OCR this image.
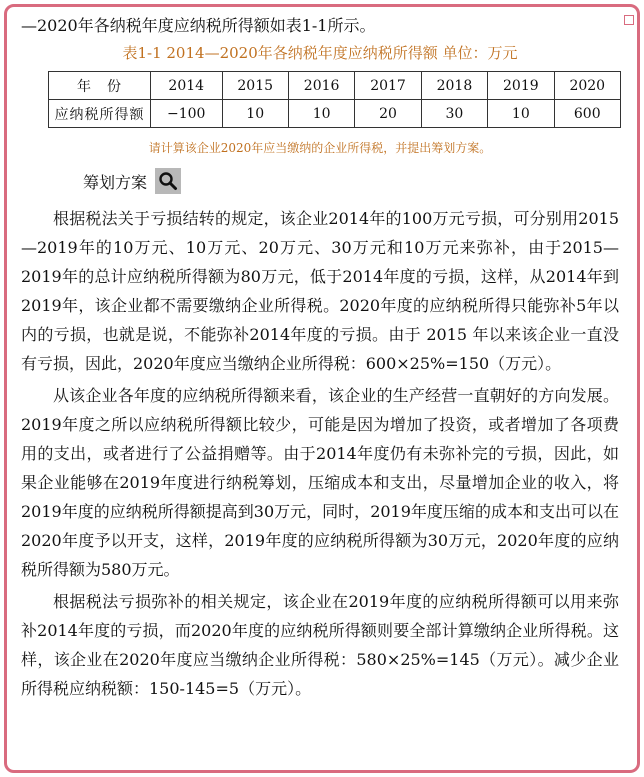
—2020年各纳税年度应纳税所得额如表1-1所示。

表1-1 2014—2020年各纳税年度应纳税所得额 单位：万元
年　份	2014	2015	2016	2017	2018	2019	2020
应纳税所得额	−100	10	10	20	30	10	600
请计算该企业2020年应当缴纳的企业所得税，并提出筹划方案。
筹划方案

根据税法关于亏损结转的规定，该企业2014年的100万元亏损，可分别用2015—2019年的10万元、10万元、20万元、30万元和10万元来弥补，由于2015—2019年的总计应纳税所得额为80万元，低于2014年度的亏损，这样，从2014年到2019年，该企业都不需要缴纳企业所得税。2020年度的应纳税所得只能弥补5年以内的亏损，也就是说，不能弥补2014年度的亏损。由于 2015 年以来该企业一直没有亏损，因此，2020年度应当缴纳企业所得税：600×25%=150（万元）。

从该企业各年度的应纳税所得额来看，该企业的生产经营一直朝好的方向发展。2019年度之所以应纳税所得额比较少，可能是因为增加了投资，或者增加了各项费用的支出，或者进行了公益捐赠等。由于2014年度仍有未弥补完的亏损，因此，如果企业能够在2019年度进行纳税筹划，压缩成本和支出，尽量增加企业的收入，将2019年度的应纳税所得额提高到30万元，同时，2019年度压缩的成本和支出可以在2020年度予以开支，这样，2019年度的应纳税所得额为30万元，2020年度的应纳税所得额为580万元。

根据税法亏损弥补的相关规定，该企业在2019年度的应纳税所得额可以用来弥补2014年度的亏损，而2020年度的应纳税所得额则要全部计算缴纳企业所得税。这样，该企业在2020年度应当缴纳企业所得税：580×25%=145（万元）。减少企业所得税应纳税额：150-145=5（万元）。
